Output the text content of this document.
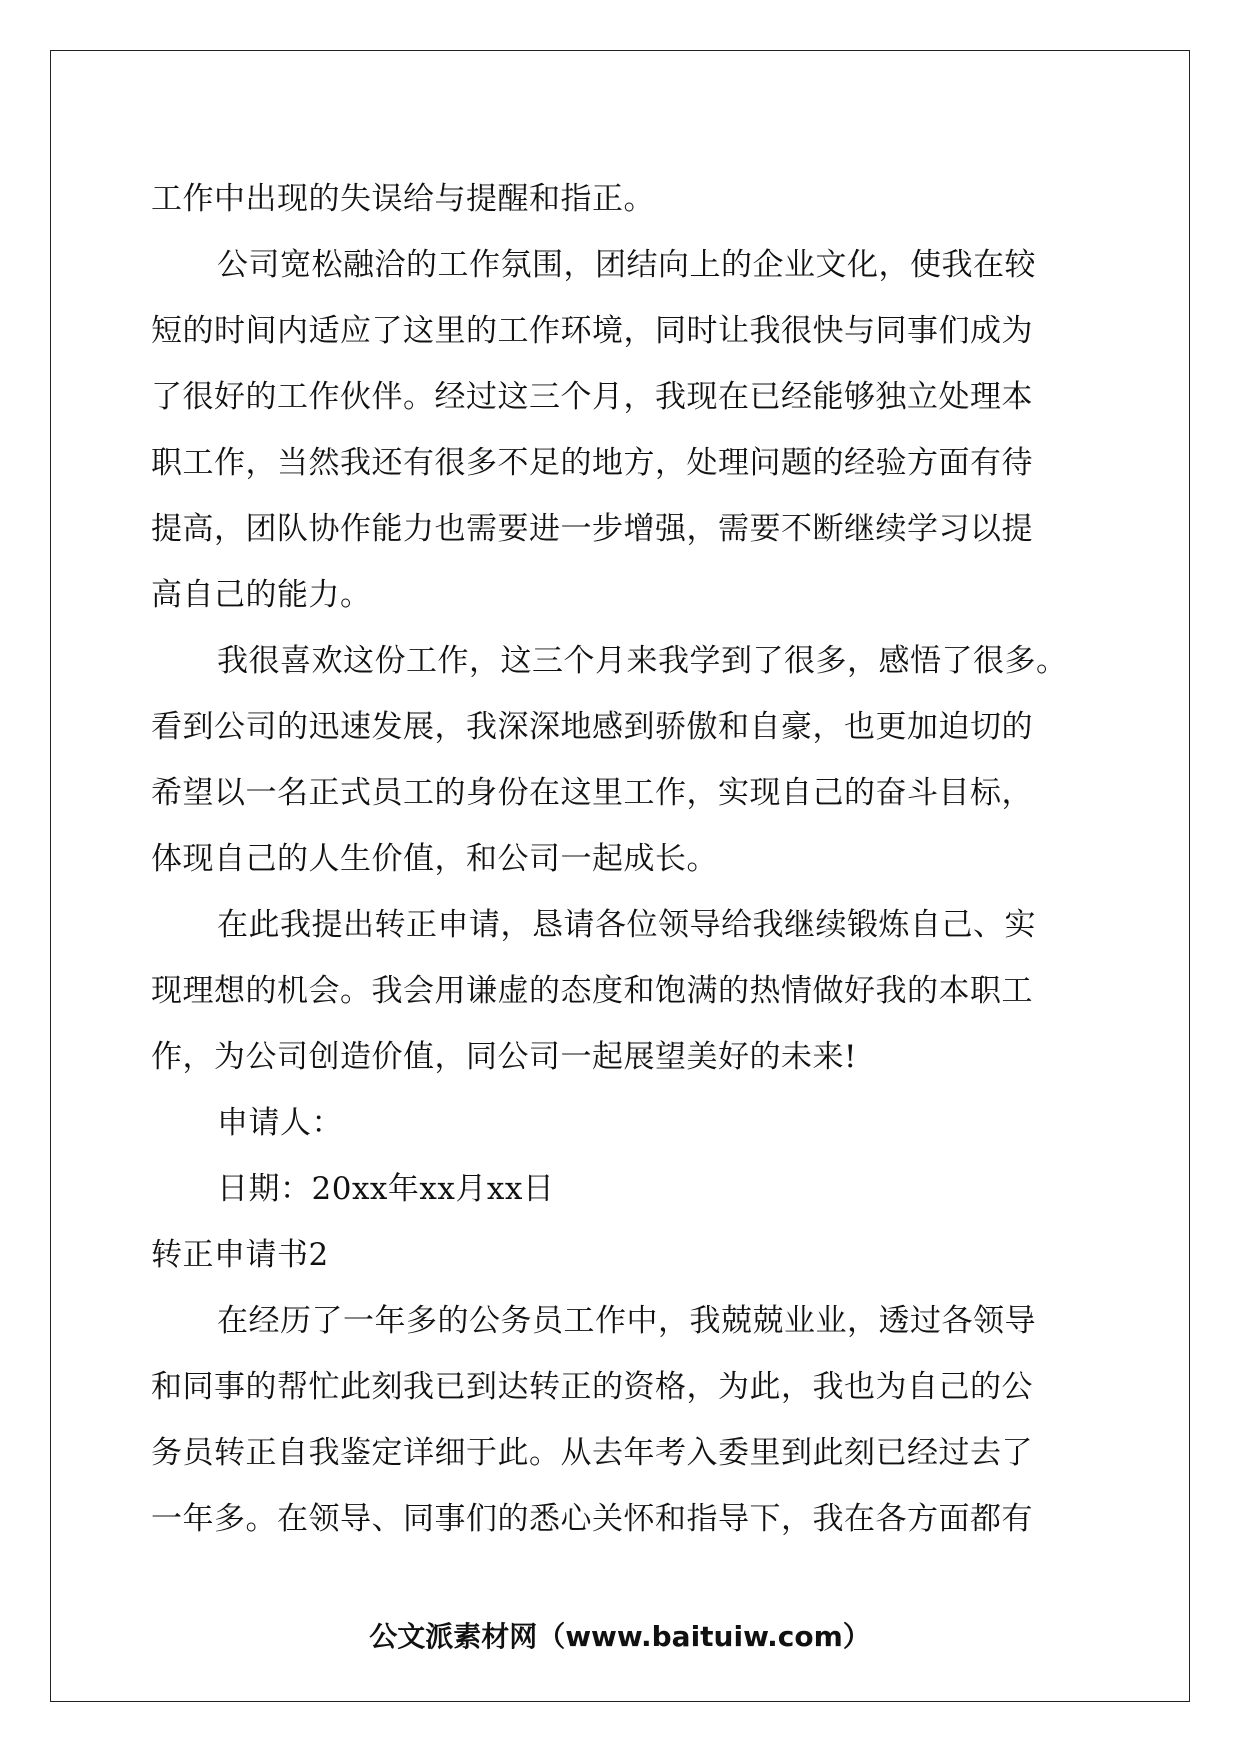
工作中出现的失误给与提醒和指正。
公司宽松融洽的工作氛围，团结向上的企业文化，使我在较
短的时间内适应了这里的工作环境，同时让我很快与同事们成为
了很好的工作伙伴。经过这三个月，我现在已经能够独立处理本
职工作，当然我还有很多不足的地方，处理问题的经验方面有待
提高，团队协作能力也需要进一步增强，需要不断继续学习以提
高自己的能力。
我很喜欢这份工作，这三个月来我学到了很多，感悟了很多。
看到公司的迅速发展，我深深地感到骄傲和自豪，也更加迫切的
希望以一名正式员工的身份在这里工作，实现自己的奋斗目标，
体现自己的人生价值，和公司一起成长。
在此我提出转正申请，恳请各位领导给我继续锻炼自己、实
现理想的机会。我会用谦虚的态度和饱满的热情做好我的本职工
作，为公司创造价值，同公司一起展望美好的未来!
申请人：
日期：20xx年xx月xx日
转正申请书2
在经历了一年多的公务员工作中，我兢兢业业，透过各领导
和同事的帮忙此刻我已到达转正的资格，为此，我也为自己的公
务员转正自我鉴定详细于此。从去年考入委里到此刻已经过去了
一年多。在领导、同事们的悉心关怀和指导下，我在各方面都有
公文派素材网（www.baituiw.com）
